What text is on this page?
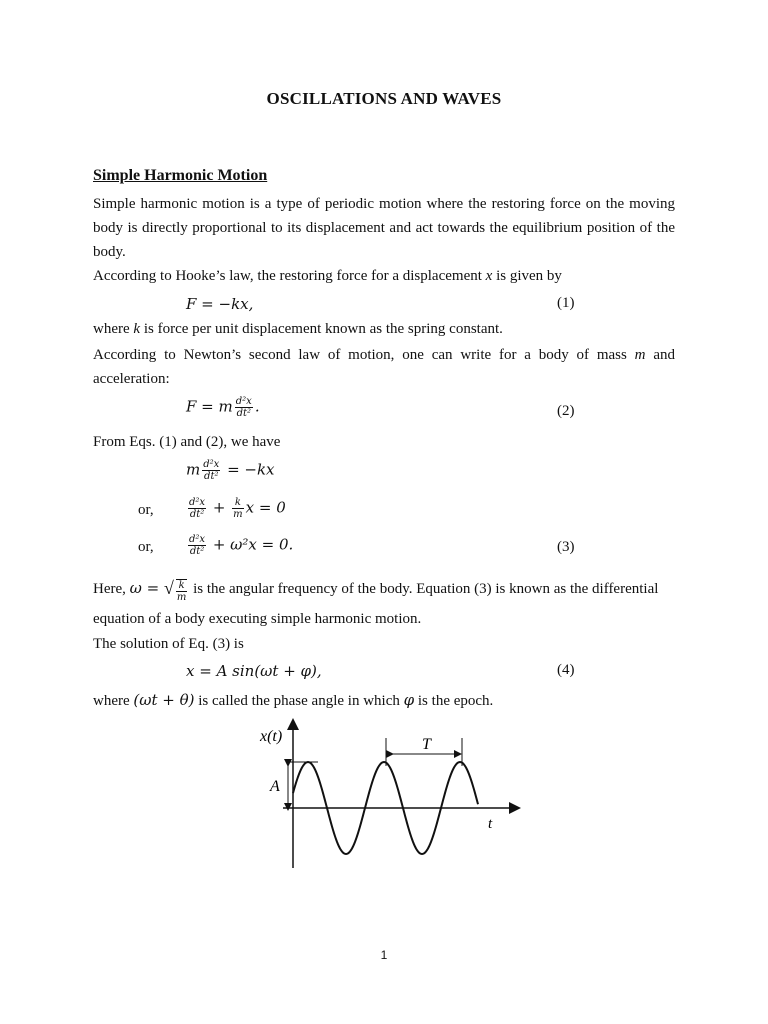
OSCILLATIONS AND WAVES
Simple Harmonic Motion
Simple harmonic motion is a type of periodic motion where the restoring force on the moving body is directly proportional to its displacement and act towards the equilibrium position of the body.
According to Hooke’s law, the restoring force for a displacement x is given by
F = −kx,	(1)
where k is force per unit displacement known as the spring constant.
According to Newton’s second law of motion, one can write for a body of mass m and acceleration:
F = m $\frac{\text{d²x}}{\text{dt²}}$ .	(2)
From Eqs. (1) and (2), we have
m $\frac{\text{d²x}}{\text{dt²}} = -kx$
or,	$\frac{\text{d²x}}{\text{dt²}} + \frac{k}{m}$ x = 0
or,	$\frac{\text{d²x}}{\text{dt²}} + \omega^2x = 0$.	(3)
Here, ω = √ $\frac{k}{m}$ is the angular frequency of the body. Equation (3) is known as the differential
equation of a body executing simple harmonic motion.
The solution of Eq. (3) is
x = A sin(ωt + φ),	(4)
where (ωt + θ) is called the phase angle in which φ is the epoch.
x(t)
t
A
T
1
